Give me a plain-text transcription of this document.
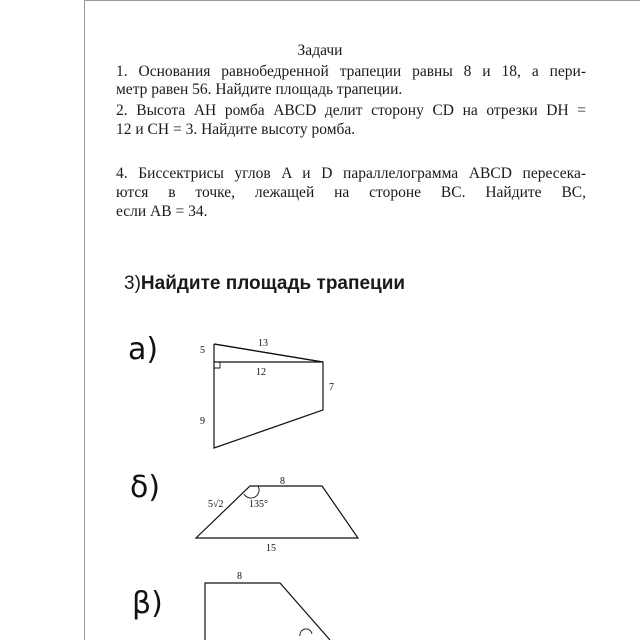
Задачи
1. Основания равнобедренной трапеции равны 8 и 18, а пери-
метр равен 56. Найдите площадь трапеции.
2. Высота AH ромба ABCD делит сторону CD на отрезки DH =
12 и CH = 3. Найдите высоту ромба.
4. Биссектрисы углов A и D параллелограмма ABCD пересека-
ются в точке, лежащей на стороне BC. Найдите BC,
если AB = 34.
3)Найдите площадь трапеции
a)
δ)
β)
13
12
5
9
7
8
5√2	135°
15
8
